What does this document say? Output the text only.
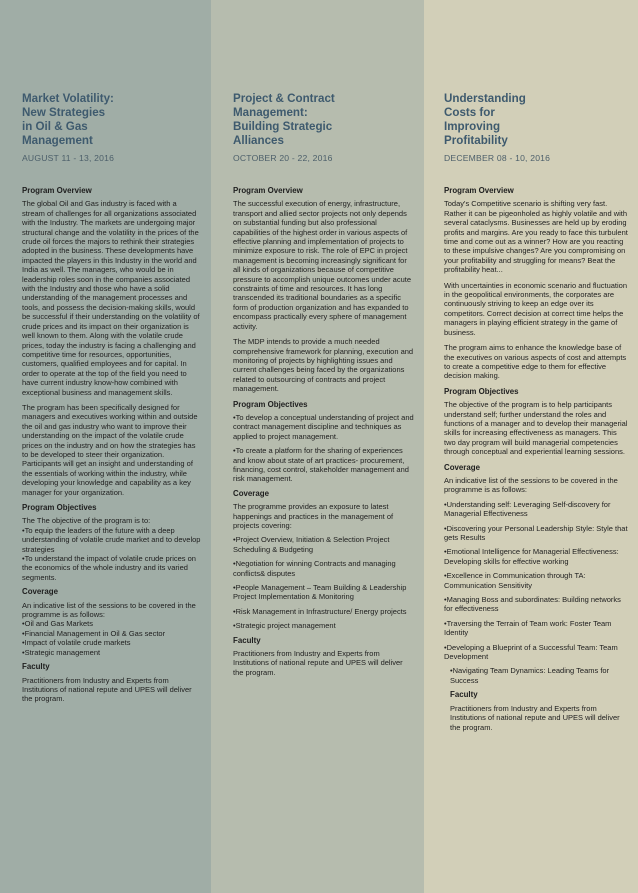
Market Volatility:
New Strategies
in Oil & Gas
Management
AUGUST 11 - 13, 2016
Program Overview
The global Oil and Gas industry is faced with a stream of challenges for all organizations associated with the Industry. The markets are undergoing major structural change and the volatility in the prices of the crude oil forces the majors to rethink their strategies adopted in the business. These developments have impacted the players in this Industry in the world and India as well. The managers, who would be in leadership roles soon in the companies associated with the Industry and those who have a solid understanding of the management processes and tools, and possess the decision-making skills, would be successful if their understanding on the volatility of crude prices and its impact on their organization is well known to them. Along with the volatile crude prices, today the industry is facing a challenging and competitive time for resources, opportunities, customers, qualified employees and for capital. In order to operate at the top of the field you need to have current industry know-how combined with exceptional business and management skills.
The program has been specifically designed for managers and executives working within and outside the oil and gas industry who want to improve their understanding on the impact of the volatile crude prices on the industry and on how the strategies has to be developed to steer their organization. Participants will get an insight and understanding of the essentials of working within the industry, while developing your knowledge and capability as a key manager for your organization.
Program Objectives
The The objective of the program is to:
•To equip the leaders of the future with a deep understanding of volatile crude market and to develop strategies
•To understand the impact of volatile crude prices on the economics of the whole industry and its varied segments.
Coverage
An indicative list of the sessions to be covered in the programme is as follows:
•Oil and Gas Markets
•Financial Management in Oil & Gas sector
•Impact of volatile crude markets
•Strategic management
Faculty
Practitioners from Industry and Experts from Institutions of national repute and UPES will deliver the program.
Project & Contract
Management:
Building Strategic
Alliances
OCTOBER 20 - 22, 2016
Program Overview
The successful execution of energy, infrastructure, transport and allied sector projects not only depends on substantial funding but also professional capabilities of the highest order in various aspects of effective planning and implementation of projects to minimize exposure to risk. The role of EPC in project management is becoming increasingly significant for all kinds of organizations because of competitive pressure to accomplish unique outcomes under acute constraints of time and resources. It has long transcended its traditional boundaries as a specific form of production organization and has expanded to encompass practically every sphere of management activity.
The MDP intends to provide a much needed comprehensive framework for planning, execution and monitoring of projects by highlighting issues and current challenges being faced by the organizations related to outsourcing of contracts and project management.
Program Objectives
•To develop a conceptual understanding of project and contract management discipline and techniques as applied to project management.
•To create a platform for the sharing of experiences and know about state of art practices- procurement, financing, cost control, stakeholder management and risk management.
Coverage
The programme provides an exposure to latest happenings and practices in the management of projects covering:
•Project Overview, Initiation & Selection Project Scheduling & Budgeting
•Negotiation for winning Contracts and managing conflicts& disputes
•People Management – Team Building & Leadership Project Implementation & Monitoring
•Risk Management in Infrastructure/ Energy projects
•Strategic project management
Faculty
Practitioners from Industry and Experts from Institutions of national repute and UPES will deliver the program.
Understanding
Costs for
Improving
Profitability
DECEMBER 08 - 10, 2016
Program Overview
Today's Competitive scenario is shifting very fast. Rather it can be pigeonholed as highly volatile and with several cataclysms. Businesses are held up by eroding profits and margins. Are you ready to face this turbulent time and come out as a winner? How are you reacting to these impulsive changes? Are you compromising on your profitability and struggling for means? Beat the profitability heat...
With uncertainties in economic scenario and fluctuation in the geopolitical environments, the corporates are continuously striving to keep an edge over its competitors. Correct decision at correct time helps the managers in playing efficient strategy in the game of business.
The program aims to enhance the knowledge base of the executives on various aspects of cost and attempts to create a competitive edge to them for effective decision making.
Program Objectives
The objective of the program is to help participants understand self; further understand the roles and functions of a manager and to develop their managerial skills for increasing effectiveness as managers. This two day program will build managerial competencies through conceptual and experiential learning sessions.
Coverage
An indicative list of the sessions to be covered in the programme is as follows:
•Understanding self: Leveraging Self-discovery for Managerial Effectiveness
•Discovering your Personal Leadership Style: Style that gets Results
•Emotional Intelligence for Managerial Effectiveness: Developing skills for effective working
•Excellence in Communication through TA: Communication Sensitivity
•Managing Boss and subordinates: Building networks for effectiveness
•Traversing the Terrain of Team work: Foster Team Identity
•Developing a Blueprint of a Successful Team: Team Development
•Navigating Team Dynamics: Leading Teams for Success
Faculty
Practitioners from Industry and Experts from Institutions of national repute and UPES will deliver the program.
